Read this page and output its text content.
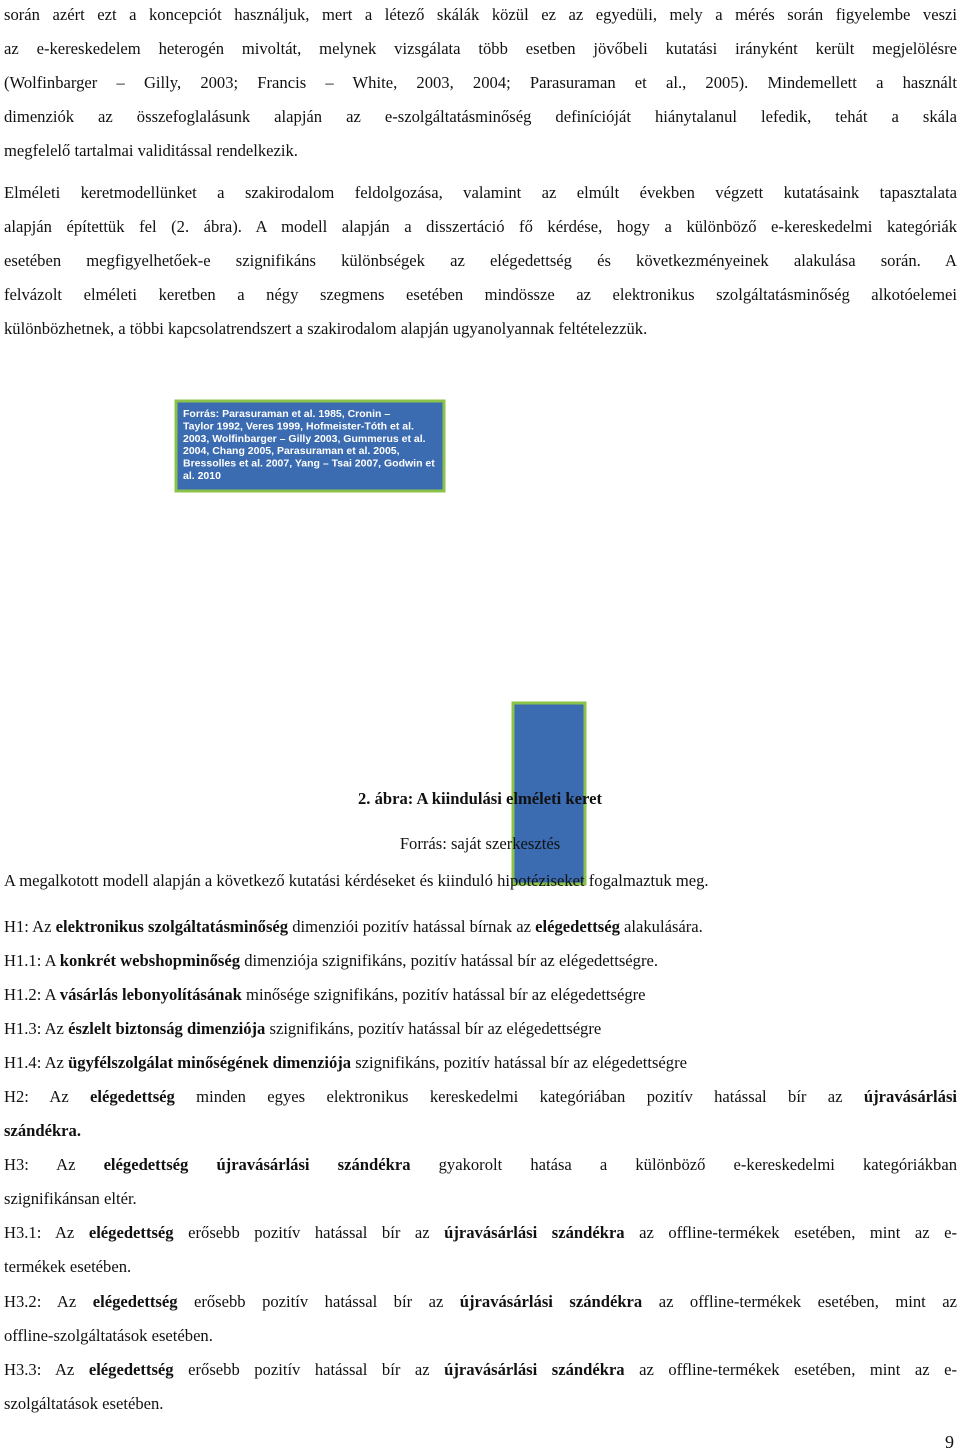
során azért ezt a koncepciót használjuk, mert a létező skálák közül ez az egyedüli, mely a mérés során figyelembe veszi
az e-kereskedelem heterogén mivoltát, melynek vizsgálata több esetben jövőbeli kutatási irányként került megjelölésre
(Wolfinbarger – Gilly, 2003; Francis – White, 2003, 2004; Parasuraman et al., 2005). Mindemellett a használt
dimenziók az összefoglalásunk alapján az e-szolgáltatásminőség definícióját hiánytalanul lefedik, tehát a skála
megfelelő tartalmai validitással rendelkezik.
Elméleti keretmodellünket a szakirodalom feldolgozása, valamint az elmúlt években végzett kutatásaink tapasztalata
alapján építettük fel (2. ábra). A modell alapján a disszertáció fő kérdése, hogy a különböző e-kereskedelmi kategóriák
esetében megfigyelhetőek-e szignifikáns különbségek az elégedettség és következményeinek alakulása során. A
felvázolt elméleti keretben a négy szegmens esetében mindössze az elektronikus szolgáltatásminőség alkotóelemei
különbözhetnek, a többi kapcsolatrendszert a szakirodalom alapján ugyanolyannak feltételezzük.
Forrás: Parasuraman et al. 1985, Cronin – Taylor 1992, Veres 1999, Hofmeister-Tóth et al. 2003, Wolfinbarger – Gilly 2003, Gummerus et al. 2004, Chang 2005, Parasuraman et al. 2005, Bressolles et al. 2007, Yang – Tsai 2007, Godwin et al. 2010
2. ábra: A kiindulási elméleti keret
Forrás: saját szerkesztés
A megalkotott modell alapján a következő kutatási kérdéseket és kiinduló hipotéziseket fogalmaztuk meg.
H1: Az elektronikus szolgáltatásminőség dimenziói pozitív hatással bírnak az elégedettség alakulására.
H1.1: A konkrét webshopminőség dimenziója szignifikáns, pozitív hatással bír az elégedettségre.
H1.2: A vásárlás lebonyolításának minősége szignifikáns, pozitív hatással bír az elégedettségre
H1.3: Az észlelt biztonság dimenziója szignifikáns, pozitív hatással bír az elégedettségre
H1.4: Az ügyfélszolgálat minőségének dimenziója szignifikáns, pozitív hatással bír az elégedettségre
H2: Az elégedettség minden egyes elektronikus kereskedelmi kategóriában pozitív hatással bír az újravásárlási
szándékra.
H3: Az elégedettség újravásárlási szándékra gyakorolt hatása a különböző e-kereskedelmi kategóriákban
szignifikánsan eltér.
H3.1: Az elégedettség erősebb pozitív hatással bír az újravásárlási szándékra az offline-termékek esetében, mint az e-
termékek esetében.
H3.2: Az elégedettség erősebb pozitív hatással bír az újravásárlási szándékra az offline-termékek esetében, mint az
offline-szolgáltatások esetében.
H3.3: Az elégedettség erősebb pozitív hatással bír az újravásárlási szándékra az offline-termékek esetében, mint az e-
szolgáltatások esetében.
9
